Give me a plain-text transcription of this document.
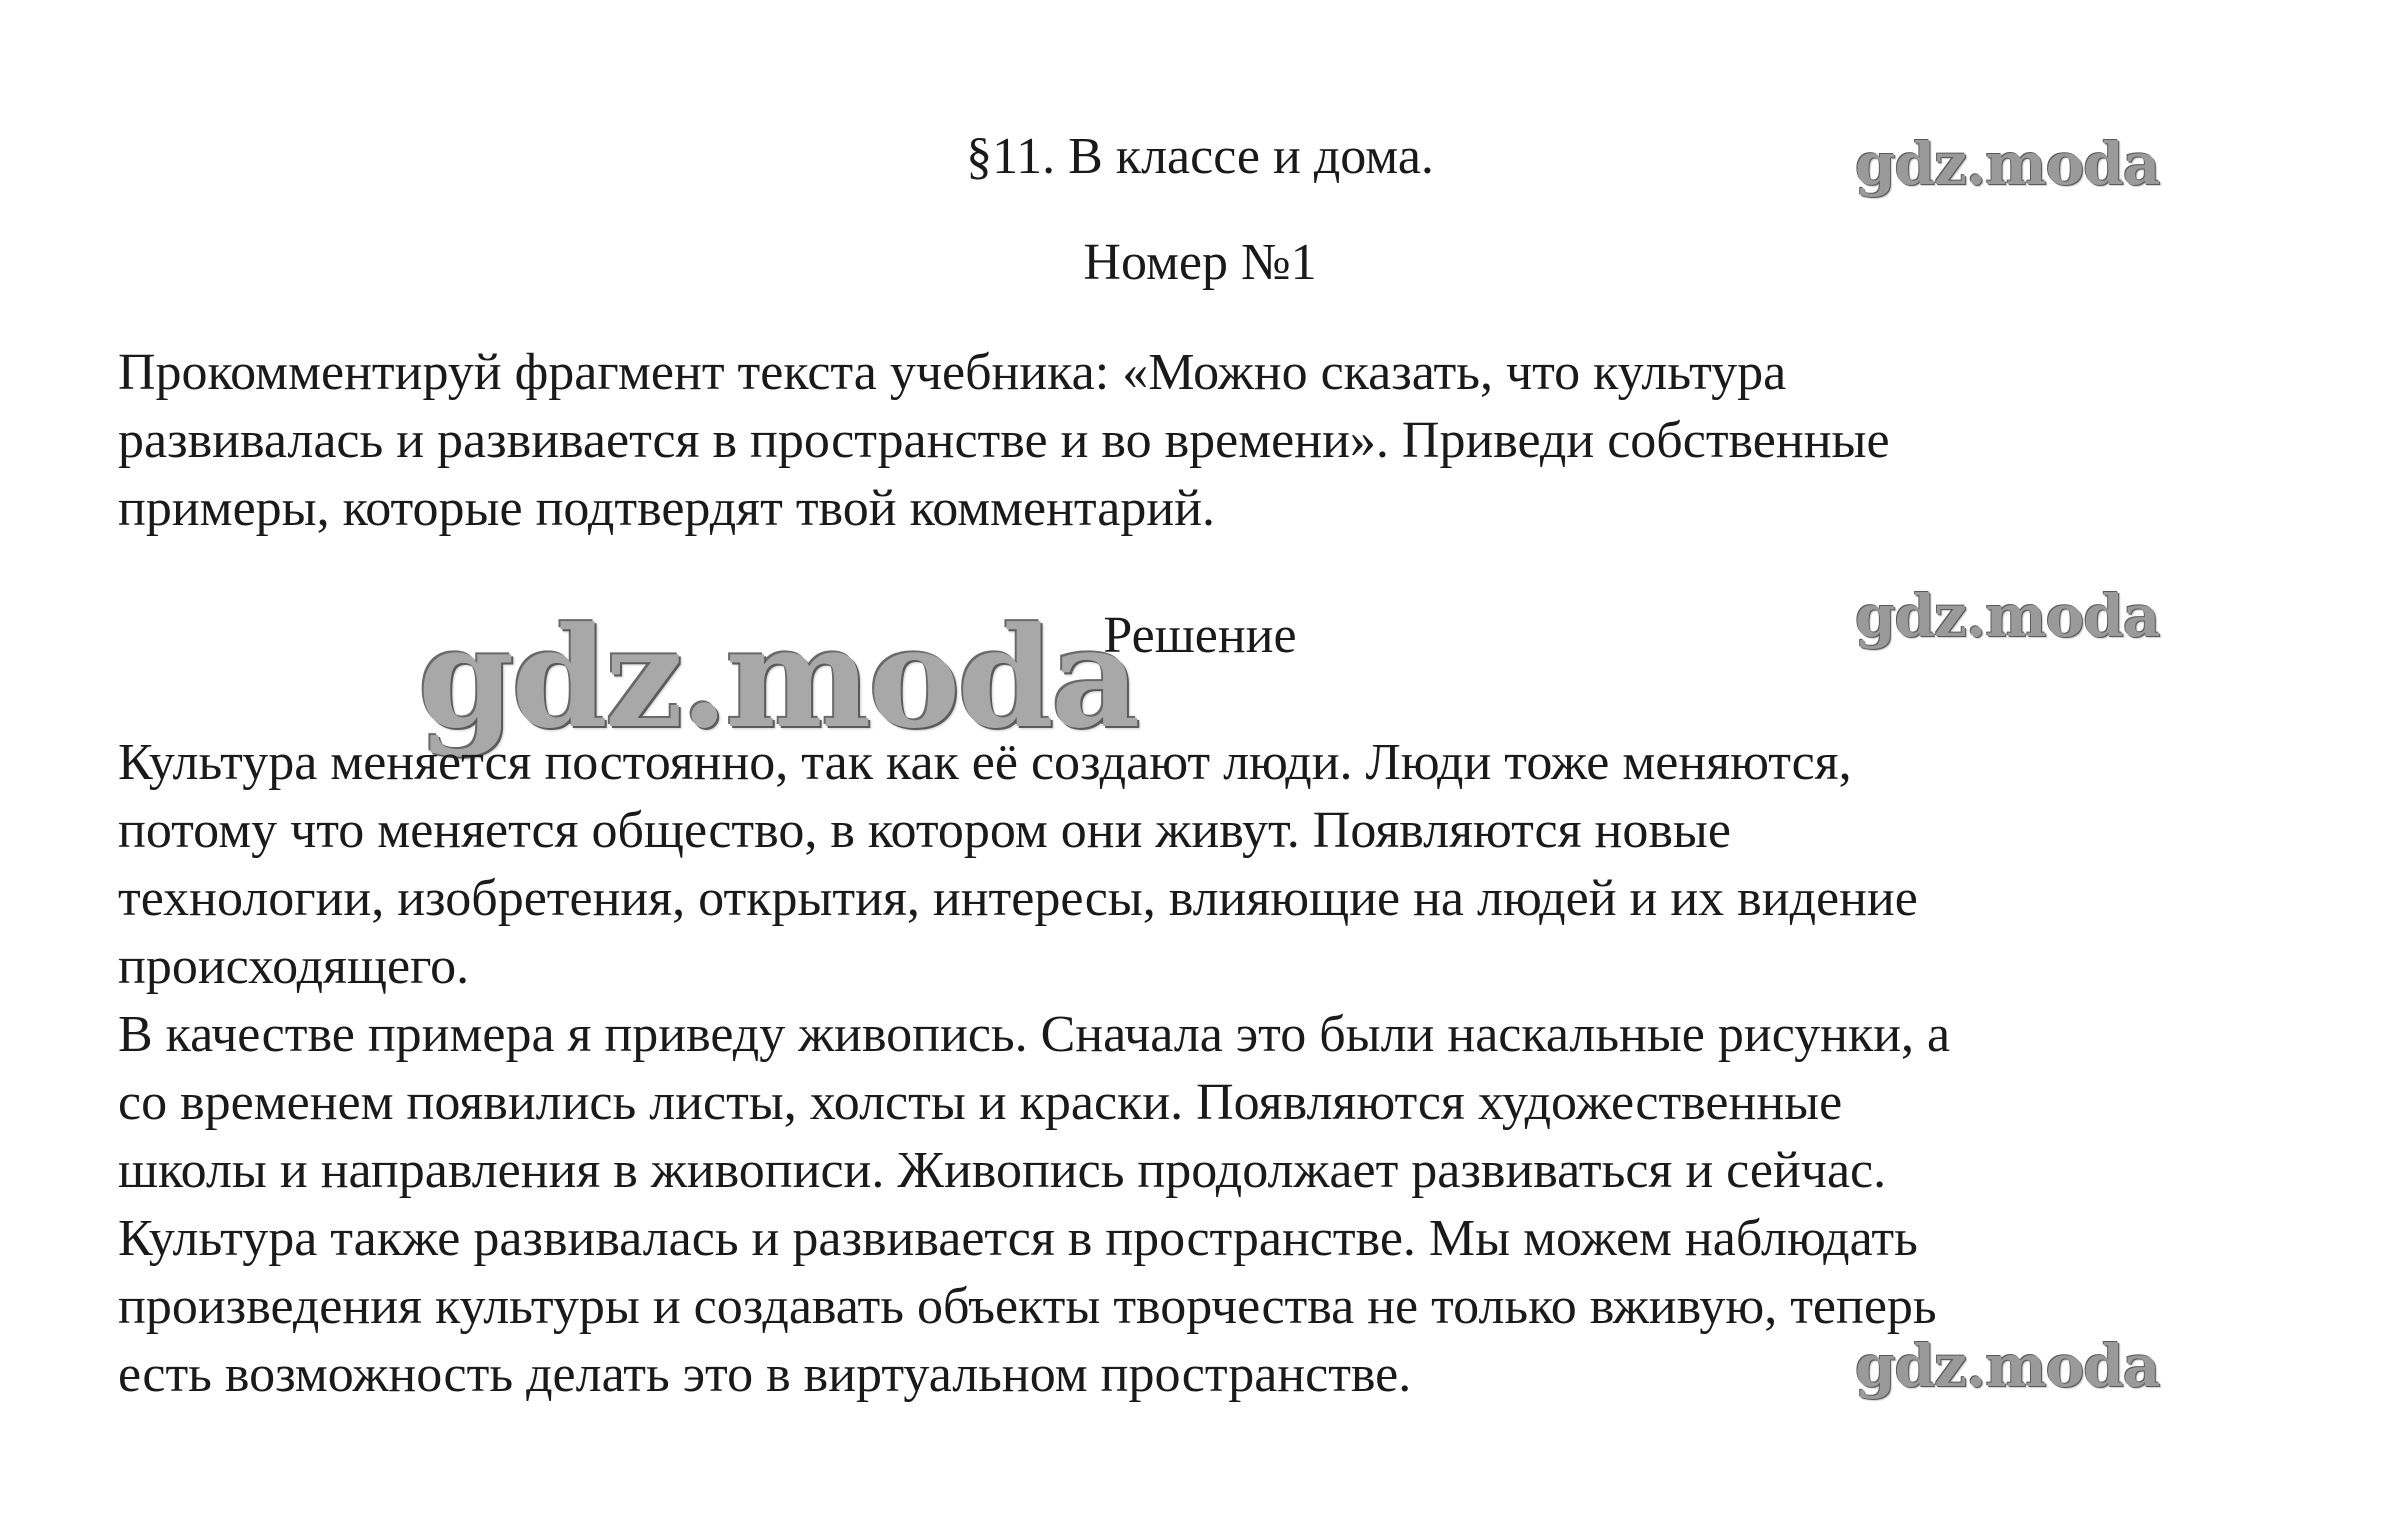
gdz.moda
gdz.moda
gdz.moda
gdz.moda
§11. В классе и дома.
Номер №1

Прокомментируй фрагмент текста учебника: «Можно сказать, что культура

развивалась и развивается в пространстве и во времени». Приведи собственные

примеры, которые подтвердят твой комментарий.

Решение

Культура меняется постоянно, так как её создают люди. Люди тоже меняются,

потому что меняется общество, в котором они живут. Появляются новые

технологии, изобретения, открытия, интересы, влияющие на людей и их видение

происходящего.

В качестве примера я приведу живопись. Сначала это были наскальные рисунки, а

со временем появились листы, холсты и краски. Появляются художественные

школы и направления в живописи. Живопись продолжает развиваться и сейчас.

Культура также развивалась и развивается в пространстве. Мы можем наблюдать

произведения культуры и создавать объекты творчества не только вживую, теперь

есть возможность делать это в виртуальном пространстве.
